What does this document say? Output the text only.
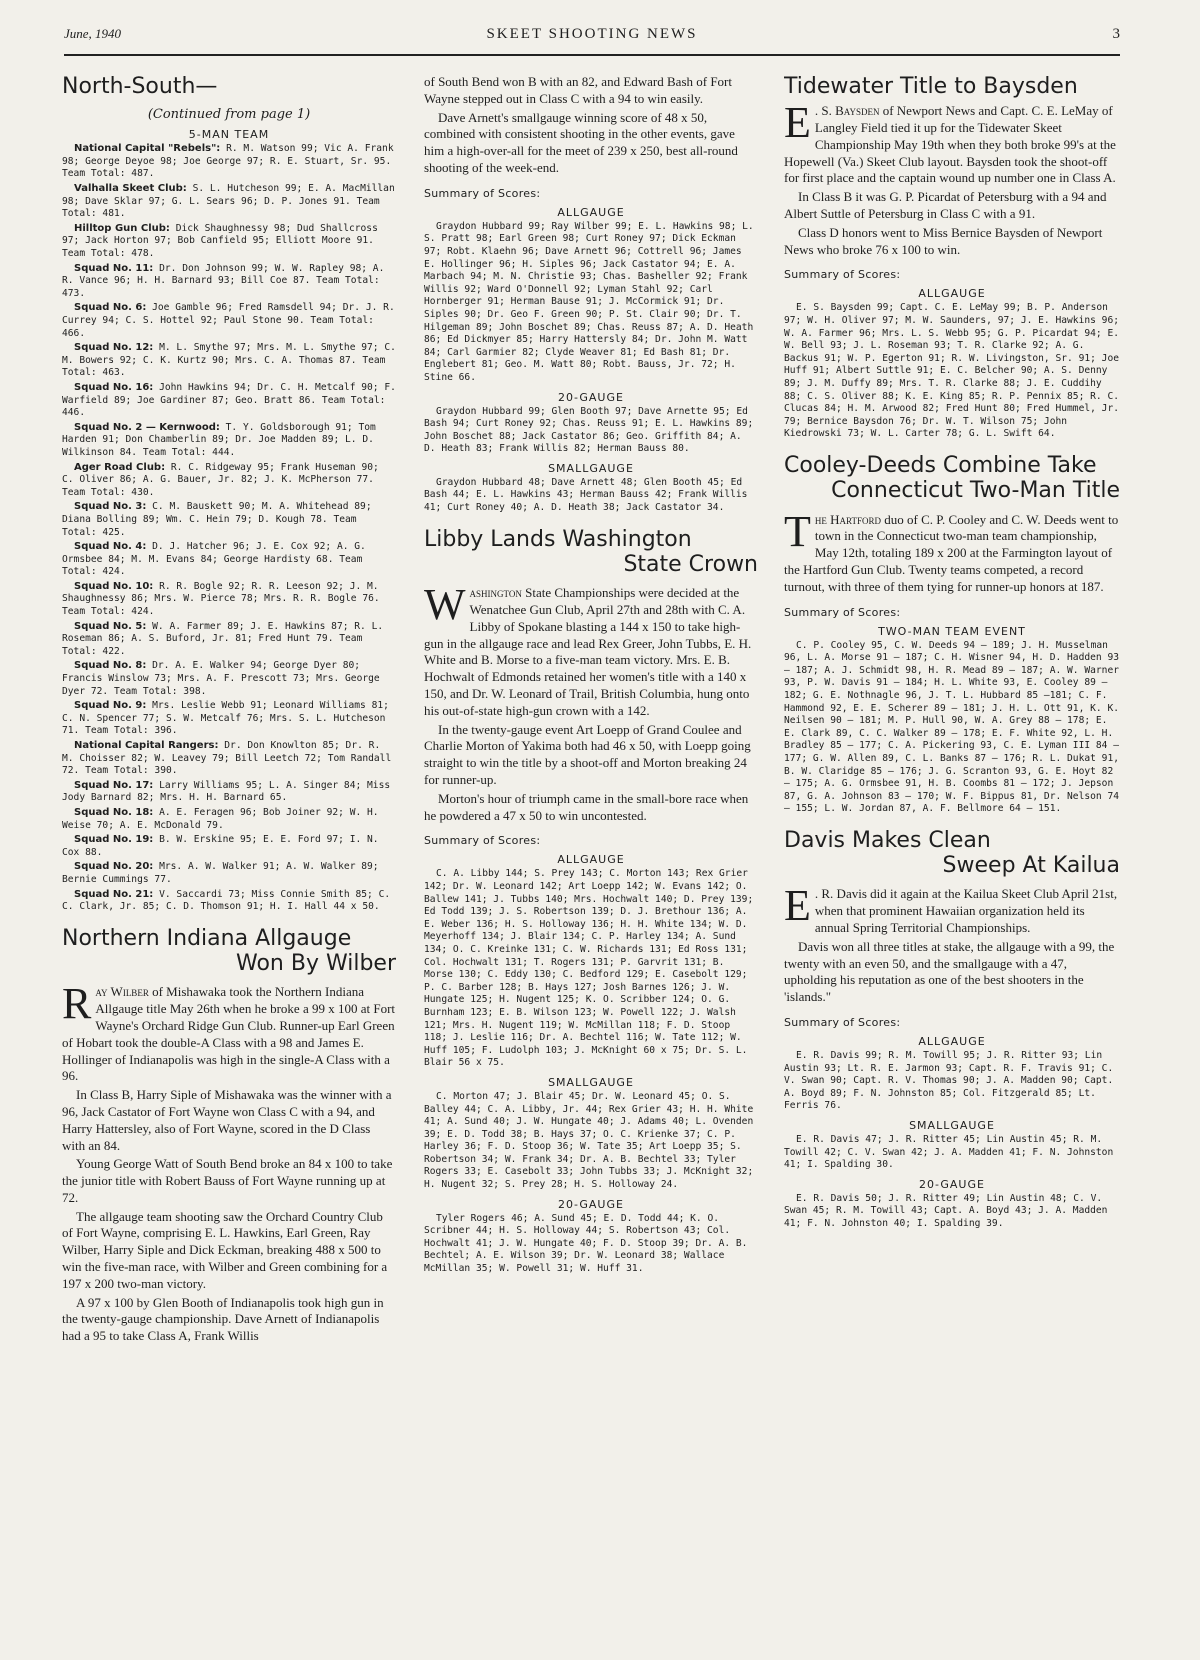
June, 1940	SKEET SHOOTING NEWS	3
North-South—
(Continued from page 1)
5-MAN TEAM

National Capital "Rebels": R. M. Watson 99; Vic A. Frank 98; George Deyoe 98; Joe George 97; R. E. Stuart, Sr. 95. Team Total: 487.

Valhalla Skeet Club: S. L. Hutcheson 99; E. A. MacMillan 98; Dave Sklar 97; G. L. Sears 96; D. P. Jones 91. Team Total: 481.

Hilltop Gun Club: Dick Shaughnessy 98; Dud Shallcross 97; Jack Horton 97; Bob Canfield 95; Elliott Moore 91. Team Total: 478.

Squad No. 11: Dr. Don Johnson 99; W. W. Rapley 98; A. R. Vance 96; H. H. Barnard 93; Bill Coe 87. Team Total: 473.

Squad No. 6: Joe Gamble 96; Fred Ramsdell 94; Dr. J. R. Currey 94; C. S. Hottel 92; Paul Stone 90. Team Total: 466.

Squad No. 12: M. L. Smythe 97; Mrs. M. L. Smythe 97; C. M. Bowers 92; C. K. Kurtz 90; Mrs. C. A. Thomas 87. Team Total: 463.

Squad No. 16: John Hawkins 94; Dr. C. H. Metcalf 90; F. Warfield 89; Joe Gardiner 87; Geo. Bratt 86. Team Total: 446.

Squad No. 2 — Kernwood: T. Y. Goldsborough 91; Tom Harden 91; Don Chamberlin 89; Dr. Joe Madden 89; L. D. Wilkinson 84. Team Total: 444.

Ager Road Club: R. C. Ridgeway 95; Frank Huseman 90; C. Oliver 86; A. G. Bauer, Jr. 82; J. K. McPherson 77. Team Total: 430.

Squad No. 3: C. M. Bauskett 90; M. A. Whitehead 89; Diana Bolling 89; Wm. C. Hein 79; D. Kough 78. Team Total: 425.

Squad No. 4: D. J. Hatcher 96; J. E. Cox 92; A. G. Ormsbee 84; M. M. Evans 84; George Hardisty 68. Team Total: 424.

Squad No. 10: R. R. Bogle 92; R. R. Leeson 92; J. M. Shaughnessy 86; Mrs. W. Pierce 78; Mrs. R. R. Bogle 76. Team Total: 424.

Squad No. 5: W. A. Farmer 89; J. E. Hawkins 87; R. L. Roseman 86; A. S. Buford, Jr. 81; Fred Hunt 79. Team Total: 422.

Squad No. 8: Dr. A. E. Walker 94; George Dyer 80; Francis Winslow 73; Mrs. A. F. Prescott 73; Mrs. George Dyer 72. Team Total: 398.

Squad No. 9: Mrs. Leslie Webb 91; Leonard Williams 81; C. N. Spencer 77; S. W. Metcalf 76; Mrs. S. L. Hutcheson 71. Team Total: 396.

National Capital Rangers: Dr. Don Knowlton 85; Dr. R. M. Choisser 82; W. Leavey 79; Bill Leetch 72; Tom Randall 72. Team Total: 390.

Squad No. 17: Larry Williams 95; L. A. Singer 84; Miss Jody Barnard 82; Mrs. H. H. Barnard 65.

Squad No. 18: A. E. Feragen 96; Bob Joiner 92; W. H. Weise 70; A. E. McDonald 79.

Squad No. 19: B. W. Erskine 95; E. E. Ford 97; I. N. Cox 88.

Squad No. 20: Mrs. A. W. Walker 91; A. W. Walker 89; Bernie Cummings 77.

Squad No. 21: V. Saccardi 73; Miss Connie Smith 85; C. C. Clark, Jr. 85; C. D. Thomson 91; H. I. Hall 44 x 50.

Northern Indiana Allgauge
Won By Wilber

Ray Wilber of Mishawaka took the Northern Indiana Allgauge title May 26th when he broke a 99 x 100 at Fort Wayne's Orchard Ridge Gun Club. Runner-up Earl Green of Hobart took the double-A Class with a 98 and James E. Hollinger of Indianapolis was high in the single-A Class with a 96.

In Class B, Harry Siple of Mishawaka was the winner with a 96, Jack Castator of Fort Wayne won Class C with a 94, and Harry Hattersley, also of Fort Wayne, scored in the D Class with an 84.

Young George Watt of South Bend broke an 84 x 100 to take the junior title with Robert Bauss of Fort Wayne running up at 72.

The allgauge team shooting saw the Orchard Country Club of Fort Wayne, comprising E. L. Hawkins, Earl Green, Ray Wilber, Harry Siple and Dick Eckman, breaking 488 x 500 to win the five-man race, with Wilber and Green combining for a 197 x 200 two-man victory.

A 97 x 100 by Glen Booth of Indianapolis took high gun in the twenty-gauge championship. Dave Arnett of Indianapolis had a 95 to take Class A, Frank Willis

of South Bend won B with an 82, and Edward Bash of Fort Wayne stepped out in Class C with a 94 to win easily.

Dave Arnett's smallgauge winning score of 48 x 50, combined with consistent shooting in the other events, gave him a high-over-all for the meet of 239 x 250, best all-round shooting of the week-end.

Summary of Scores:
ALLGAUGE

Graydon Hubbard 99; Ray Wilber 99; E. L. Hawkins 98; L. S. Pratt 98; Earl Green 98; Curt Roney 97; Dick Eckman 97; Robt. Klaehn 96; Dave Arnett 96; Cottrell 96; James E. Hollinger 96; H. Siples 96; Jack Castator 94; E. A. Marbach 94; M. N. Christie 93; Chas. Basheller 92; Frank Willis 92; Ward O'Donnell 92; Lyman Stahl 92; Carl Hornberger 91; Herman Bause 91; J. McCormick 91; Dr. Siples 90; Dr. Geo F. Green 90; P. St. Clair 90; Dr. T. Hilgeman 89; John Boschet 89; Chas. Reuss 87; A. D. Heath 86; Ed Dickmyer 85; Harry Hattersly 84; Dr. John M. Watt 84; Carl Garmier 82; Clyde Weaver 81; Ed Bash 81; Dr. Englebert 81; Geo. M. Watt 80; Robt. Bauss, Jr. 72; H. Stine 66.

20-GAUGE

Graydon Hubbard 99; Glen Booth 97; Dave Arnette 95; Ed Bash 94; Curt Roney 92; Chas. Reuss 91; E. L. Hawkins 89; John Boschet 88; Jack Castator 86; Geo. Griffith 84; A. D. Heath 83; Frank Willis 82; Herman Bauss 80.

SMALLGAUGE

Graydon Hubbard 48; Dave Arnett 48; Glen Booth 45; Ed Bash 44; E. L. Hawkins 43; Herman Bauss 42; Frank Willis 41; Curt Roney 40; A. D. Heath 38; Jack Castator 34.

Libby Lands Washington
State Crown

Washington State Championships were decided at the Wenatchee Gun Club, April 27th and 28th with C. A. Libby of Spokane blasting a 144 x 150 to take high-gun in the allgauge race and lead Rex Greer, John Tubbs, E. H. White and B. Morse to a five-man team victory. Mrs. E. B. Hochwalt of Edmonds retained her women's title with a 140 x 150, and Dr. W. Leonard of Trail, British Columbia, hung onto his out-of-state high-gun crown with a 142.

In the twenty-gauge event Art Loepp of Grand Coulee and Charlie Morton of Yakima both had 46 x 50, with Loepp going straight to win the title by a shoot-off and Morton breaking 24 for runner-up.

Morton's hour of triumph came in the small-bore race when he powdered a 47 x 50 to win uncontested.

Summary of Scores:
ALLGAUGE

C. A. Libby 144; S. Prey 143; C. Morton 143; Rex Grier 142; Dr. W. Leonard 142; Art Loepp 142; W. Evans 142; O. Ballew 141; J. Tubbs 140; Mrs. Hochwalt 140; D. Prey 139; Ed Todd 139; J. S. Robertson 139; D. J. Brethour 136; A. E. Weber 136; H. S. Holloway 136; H. H. White 134; W. D. Meyerhoff 134; J. Blair 134; C. P. Harley 134; A. Sund 134; O. C. Kreinke 131; C. W. Richards 131; Ed Ross 131; Col. Hochwalt 131; T. Rogers 131; P. Garvrit 131; B. Morse 130; C. Eddy 130; C. Bedford 129; E. Casebolt 129; P. C. Barber 128; B. Hays 127; Josh Barnes 126; J. W. Hungate 125; H. Nugent 125; K. O. Scribber 124; O. G. Burnham 123; E. B. Wilson 123; W. Powell 122; J. Walsh 121; Mrs. H. Nugent 119; W. McMillan 118; F. D. Stoop 118; J. Leslie 116; Dr. A. Bechtel 116; W. Tate 112; W. Huff 105; F. Ludolph 103; J. McKnight 60 x 75; Dr. S. L. Blair 56 x 75.

SMALLGAUGE

C. Morton 47; J. Blair 45; Dr. W. Leonard 45; O. S. Balley 44; C. A. Libby, Jr. 44; Rex Grier 43; H. H. White 41; A. Sund 40; J. W. Hungate 40; J. Adams 40; L. Ovenden 39; E. D. Todd 38; B. Hays 37; O. C. Krienke 37; C. P. Harley 36; F. D. Stoop 36; W. Tate 35; Art Loepp 35; S. Robertson 34; W. Frank 34; Dr. A. B. Bechtel 33; Tyler Rogers 33; E. Casebolt 33; John Tubbs 33; J. McKnight 32; H. Nugent 32; S. Prey 28; H. S. Holloway 24.

20-GAUGE

Tyler Rogers 46; A. Sund 45; E. D. Todd 44; K. O. Scribner 44; H. S. Holloway 44; S. Robertson 43; Col. Hochwalt 41; J. W. Hungate 40; F. D. Stoop 39; Dr. A. B. Bechtel; A. E. Wilson 39; Dr. W. Leonard 38; Wallace McMillan 35; W. Powell 31; W. Huff 31.

Tidewater Title to Baysden

E . S. Baysden of Newport News and Capt. C. E. LeMay of Langley Field tied it up for the Tidewater Skeet Championship May 19th when they both broke 99's at the Hopewell (Va.) Skeet Club layout. Baysden took the shoot-off for first place and the captain wound up number one in Class A.

In Class B it was G. P. Picardat of Petersburg with a 94 and Albert Suttle of Petersburg in Class C with a 91.

Class D honors went to Miss Bernice Baysden of Newport News who broke 76 x 100 to win.

Summary of Scores:
ALLGAUGE

E. S. Baysden 99; Capt. C. E. LeMay 99; B. P. Anderson 97; W. H. Oliver 97; M. W. Saunders, 97; J. E. Hawkins 96; W. A. Farmer 96; Mrs. L. S. Webb 95; G. P. Picardat 94; E. W. Bell 93; J. L. Roseman 93; T. R. Clarke 92; A. G. Backus 91; W. P. Egerton 91; R. W. Livingston, Sr. 91; Joe Huff 91; Albert Suttle 91; E. C. Belcher 90; A. S. Denny 89; J. M. Duffy 89; Mrs. T. R. Clarke 88; J. E. Cuddihy 88; C. S. Oliver 88; K. E. King 85; R. P. Pennix 85; R. C. Clucas 84; H. M. Arwood 82; Fred Hunt 80; Fred Hummel, Jr. 79; Bernice Baysdon 76; Dr. W. T. Wilson 75; John Kiedrowski 73; W. L. Carter 78; G. L. Swift 64.

Cooley-Deeds Combine Take
Connecticut Two-Man Title

The Hartford duo of C. P. Cooley and C. W. Deeds went to town in the Connecticut two-man team championship, May 12th, totaling 189 x 200 at the Farmington layout of the Hartford Gun Club. Twenty teams competed, a record turnout, with three of them tying for runner-up honors at 187.

Summary of Scores:
TWO-MAN TEAM EVENT

C. P. Cooley 95, C. W. Deeds 94 — 189; J. H. Musselman 96, L. A. Morse 91 — 187; C. H. Wisner 94, H. D. Hadden 93 — 187; A. J. Schmidt 98, H. R. Mead 89 — 187; A. W. Warner 93, P. W. Davis 91 — 184; H. L. White 93, E. Cooley 89 — 182; G. E. Nothnagle 96, J. T. L. Hubbard 85 —181; C. F. Hammond 92, E. E. Scherer 89 — 181; J. H. L. Ott 91, K. K. Neilsen 90 — 181; M. P. Hull 90, W. A. Grey 88 — 178; E. E. Clark 89, C. C. Walker 89 — 178; E. F. White 92, L. H. Bradley 85 — 177; C. A. Pickering 93, C. E. Lyman III 84 — 177; G. W. Allen 89, C. L. Banks 87 — 176; R. L. Dukat 91, B. W. Claridge 85 — 176; J. G. Scranton 93, G. E. Hoyt 82 — 175; A. G. Ormsbee 91, H. B. Coombs 81 — 172; J. Jepson 87, G. A. Johnson 83 — 170; W. F. Bippus 81, Dr. Nelson 74 — 155; L. W. Jordan 87, A. F. Bellmore 64 — 151.

Davis Makes Clean
Sweep At Kailua

E . R. Davis did it again at the Kailua Skeet Club April 21st, when that prominent Hawaiian organization held its annual Spring Territorial Championships.

Davis won all three titles at stake, the allgauge with a 99, the twenty with an even 50, and the smallgauge with a 47, upholding his reputation as one of the best shooters in the 'islands."

Summary of Scores:
ALLGAUGE

E. R. Davis 99; R. M. Towill 95; J. R. Ritter 93; Lin Austin 93; Lt. R. E. Jarmon 93; Capt. R. F. Travis 91; C. V. Swan 90; Capt. R. V. Thomas 90; J. A. Madden 90; Capt. A. Boyd 89; F. N. Johnston 85; Col. Fitzgerald 85; Lt. Ferris 76.

SMALLGAUGE

E. R. Davis 47; J. R. Ritter 45; Lin Austin 45; R. M. Towill 42; C. V. Swan 42; J. A. Madden 41; F. N. Johnston 41; I. Spalding 30.

20-GAUGE

E. R. Davis 50; J. R. Ritter 49; Lin Austin 48; C. V. Swan 45; R. M. Towill 43; Capt. A. Boyd 43; J. A. Madden 41; F. N. Johnston 40; I. Spalding 39.
